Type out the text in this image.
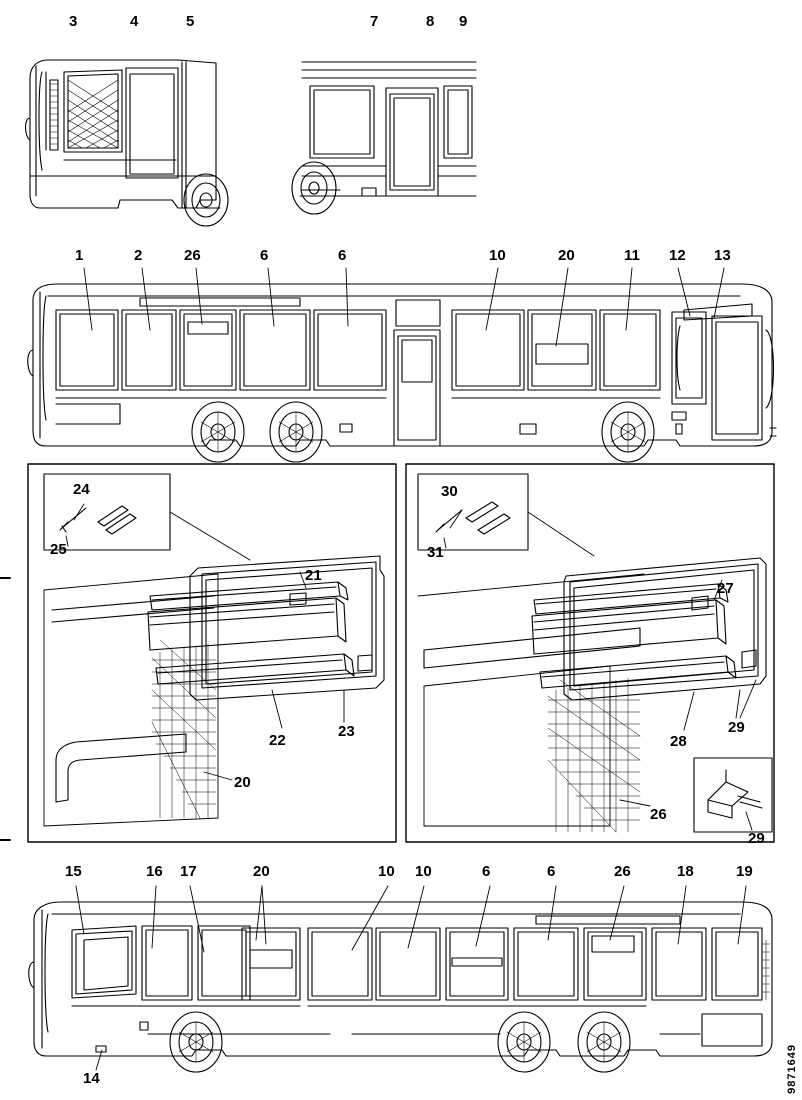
3	4	5	7	8 9
1	2	26	6	6	10	20	11 12 13
24
25
21
22
23
20
30
31
27
28
29
26
29
15	16 17	20	10 10	6	6	26	18	19
14	9871649
